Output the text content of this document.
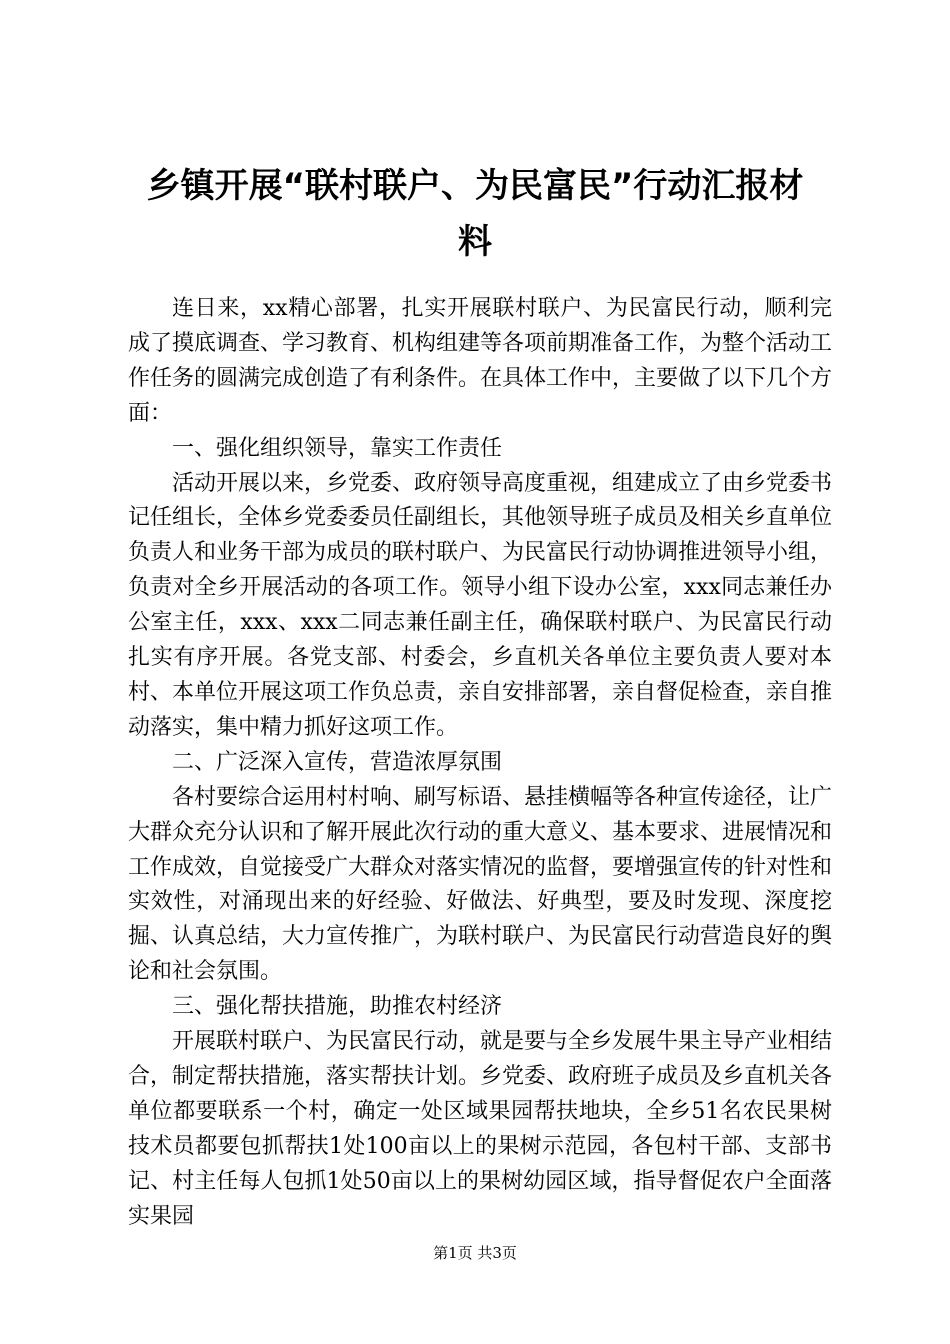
乡镇开展“联村联户、为民富民”行动汇报材
料

连日来，xx精心部署，扎实开展联村联户、为民富民行动，顺利完成了摸底调查、学习教育、机构组建等各项前期准备工作，为整个活动工作任务的圆满完成创造了有利条件。在具体工作中，主要做了以下几个方面：

一、强化组织领导，靠实工作责任

活动开展以来，乡党委、政府领导高度重视，组建成立了由乡党委书记任组长，全体乡党委委员任副组长，其他领导班子成员及相关乡直单位负责人和业务干部为成员的联村联户、为民富民行动协调推进领导小组，负责对全乡开展活动的各项工作。领导小组下设办公室，xxx同志兼任办公室主任，xxx、xxx二同志兼任副主任，确保联村联户、为民富民行动扎实有序开展。各党支部、村委会，乡直机关各单位主要负责人要对本村、本单位开展这项工作负总责，亲自安排部署，亲自督促检查，亲自推动落实，集中精力抓好这项工作。

二、广泛深入宣传，营造浓厚氛围

各村要综合运用村村响、刷写标语、悬挂横幅等各种宣传途径，让广大群众充分认识和了解开展此次行动的重大意义、基本要求、进展情况和工作成效，自觉接受广大群众对落实情况的监督，要增强宣传的针对性和实效性，对涌现出来的好经验、好做法、好典型，要及时发现、深度挖掘、认真总结，大力宣传推广，为联村联户、为民富民行动营造良好的舆论和社会氛围。

三、强化帮扶措施，助推农村经济

开展联村联户、为民富民行动，就是要与全乡发展牛果主导产业相结合，制定帮扶措施，落实帮扶计划。乡党委、政府班子成员及乡直机关各单位都要联系一个村，确定一处区域果园帮扶地块，全乡51名农民果树技术员都要包抓帮扶1处100亩以上的果树示范园，各包村干部、支部书记、村主任每人包抓1处50亩以上的果树幼园区域，指导督促农户全面落实果园

第1页 共3页
